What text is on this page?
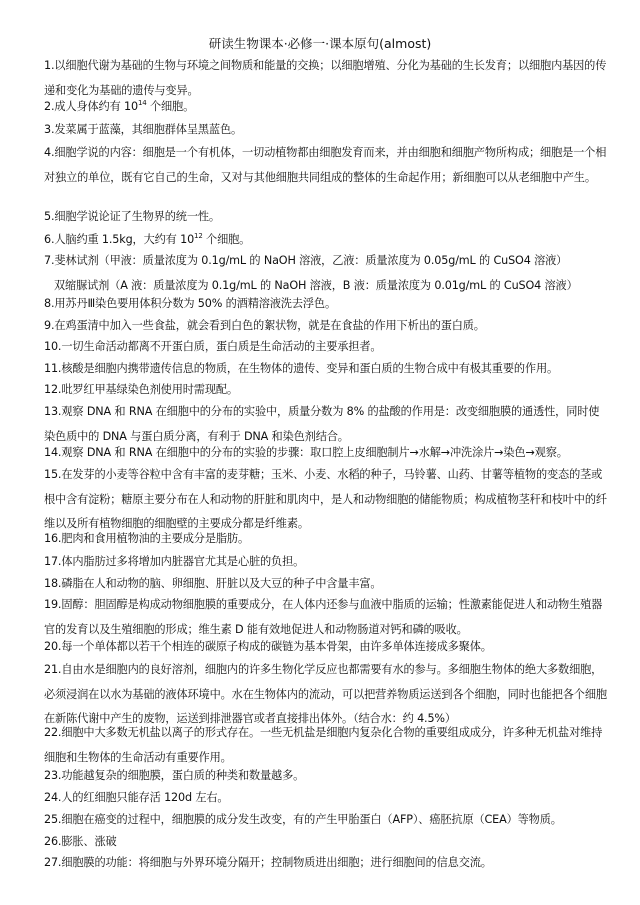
研读生物课本·必修一·课本原句(almost)
1.以细胞代谢为基础的生物与环境之间物质和能量的交换；以细胞增殖、分化为基础的生长发育；以细胞内基因的传递和变化为基础的遗传与变异。
2.成人身体约有 $10^{14}$ 个细胞。
3.发菜属于蓝藻，其细胞群体呈黑蓝色。
4.细胞学说的内容：细胞是一个有机体，一切动植物都由细胞发育而来，并由细胞和细胞产物所构成；细胞是一个相对独立的单位，既有它自己的生命，又对与其他细胞共同组成的整体的生命起作用；新细胞可以从老细胞中产生。
5.细胞学说论证了生物界的统一性。
6.人脑约重 1.5kg，大约有 $10^{12}$ 个细胞。
7.斐林试剂（甲液：质量浓度为 0.1g/mL 的 NaOH 溶液，乙液：质量浓度为 0.05g/mL 的 CuSO4 溶液）
双缩脲试剂（A 液：质量浓度为 0.1g/mL 的 NaOH 溶液，B 液：质量浓度为 0.01g/mL 的 CuSO4 溶液）
8.用苏丹Ⅲ染色要用体积分数为 50% 的酒精溶液洗去浮色。
9.在鸡蛋清中加入一些食盐，就会看到白色的絮状物，就是在食盐的作用下析出的蛋白质。
10.一切生命活动都离不开蛋白质，蛋白质是生命活动的主要承担者。
11.核酸是细胞内携带遗传信息的物质，在生物体的遗传、变异和蛋白质的生物合成中有极其重要的作用。
12.吡罗红甲基绿染色剂使用时需现配。
13.观察 DNA 和 RNA 在细胞中的分布的实验中，质量分数为 8% 的盐酸的作用是：改变细胞膜的通透性，同时使染色质中的 DNA 与蛋白质分离，有利于 DNA 和染色剂结合。
14.观察 DNA 和 RNA 在细胞中的分布的实验的步骤：取口腔上皮细胞制片→水解→冲洗涂片→染色→观察。
15.在发芽的小麦等谷粒中含有丰富的麦芽糖；玉米、小麦、水稻的种子，马铃薯、山药、甘薯等植物的变态的茎或根中含有淀粉；糖原主要分布在人和动物的肝脏和肌肉中，是人和动物细胞的储能物质；构成植物茎秆和枝叶中的纤维以及所有植物细胞的细胞壁的主要成分都是纤维素。
16.肥肉和食用植物油的主要成分是脂肪。
17.体内脂肪过多将增加内脏器官尤其是心脏的负担。
18.磷脂在人和动物的脑、卵细胞、肝脏以及大豆的种子中含量丰富。
19.固醇：胆固醇是构成动物细胞膜的重要成分，在人体内还参与血液中脂质的运输；性激素能促进人和动物生殖器官的发育以及生殖细胞的形成；维生素 D 能有效地促进人和动物肠道对钙和磷的吸收。
20.每一个单体都以若干个相连的碳原子构成的碳链为基本骨架，由许多单体连接成多聚体。
21.自由水是细胞内的良好溶剂，细胞内的许多生物化学反应也都需要有水的参与。多细胞生物体的绝大多数细胞，必须浸润在以水为基础的液体环境中。水在生物体内的流动，可以把营养物质运送到各个细胞，同时也能把各个细胞在新陈代谢中产生的废物，运送到排泄器官或者直接排出体外。（结合水：约 4.5%）
22.细胞中大多数无机盐以离子的形式存在。一些无机盐是细胞内复杂化合物的重要组成成分，许多种无机盐对维持细胞和生物体的生命活动有重要作用。
23.功能越复杂的细胞膜，蛋白质的种类和数量越多。
24.人的红细胞只能存活 120d 左右。
25.细胞在癌变的过程中，细胞膜的成分发生改变，有的产生甲胎蛋白（AFP）、癌胚抗原（CEA）等物质。
26.膨胀、涨破
27.细胞膜的功能：将细胞与外界环境分隔开；控制物质进出细胞；进行细胞间的信息交流。
